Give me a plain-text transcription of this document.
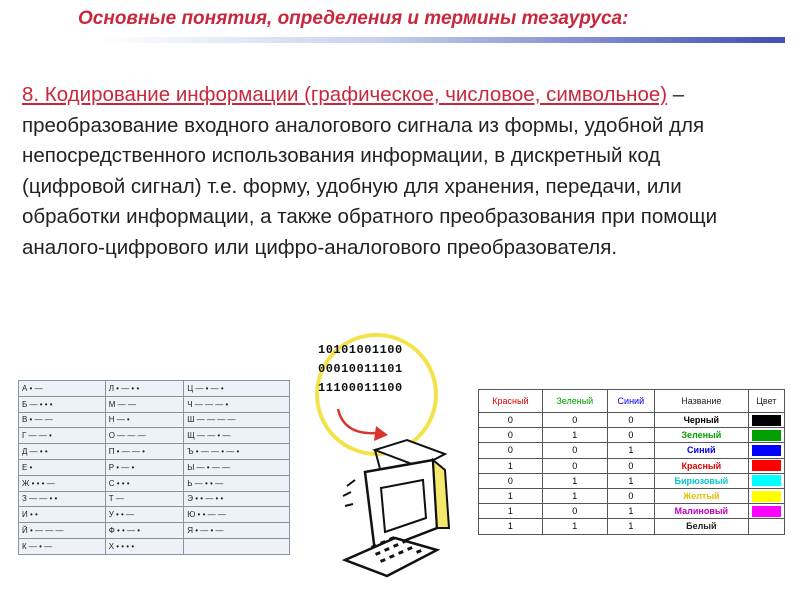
Основные понятия, определения и термины тезауруса:
8. Кодирование информации (графическое, числовое, символьное) – преобразование входного аналогового сигнала из формы, удобной для непосредственного использования информации, в дискретный код (цифровой сигнал) т.е. форму, удобную для хранения, передачи, или обработки информации, а также обратного преобразования при помощи аналого-цифрового или цифро-аналогового преобразователя.
А • —	Л • — • •	Ц — • — •
Б — • • •	М — —	Ч — — — •
В • — —	Н — •	Ш — — — —
Г — — •	О — — —	Щ — — • —
Д — • •	П • — — •	Ъ • — — • — •
Е •	Р • — •	Ы — • — —
Ж • • • —	С • • •	Ь — • • —
З — — • •	Т —	Э • • — • •
И • •	У • • —	Ю • • — —
Й • — — —	Ф • • — •	Я • — • —
К — • —	Х • • • •	
10101001100
00010011101
11100011100
Красный	Зеленый	Синий	Название	Цвет
0	0	0	Черный	

0	1	0	Зеленый	

0	0	1	Синий	

1	0	0	Красный	

0	1	1	Бирюзовый	

1	1	0	Желтый	

1	0	1	Малиновый	

1	1	1	Белый	
